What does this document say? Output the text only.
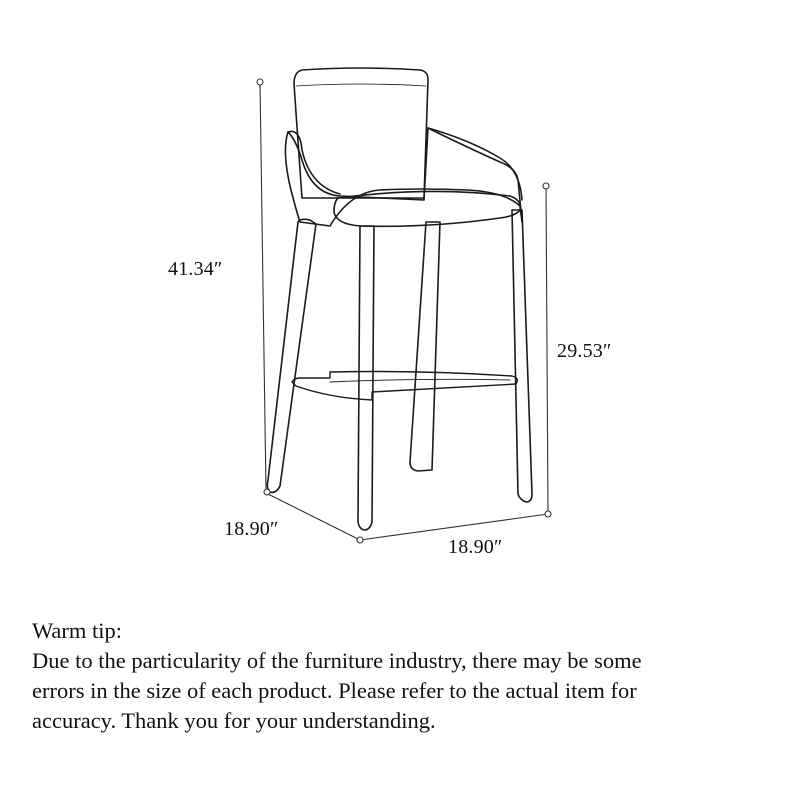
41.34″
29.53″
18.90″
18.90″
Warm tip:
Due to the particularity of the furniture industry, there may be some
errors in the size of each product. Please refer to the actual item for
accuracy. Thank you for your understanding.
